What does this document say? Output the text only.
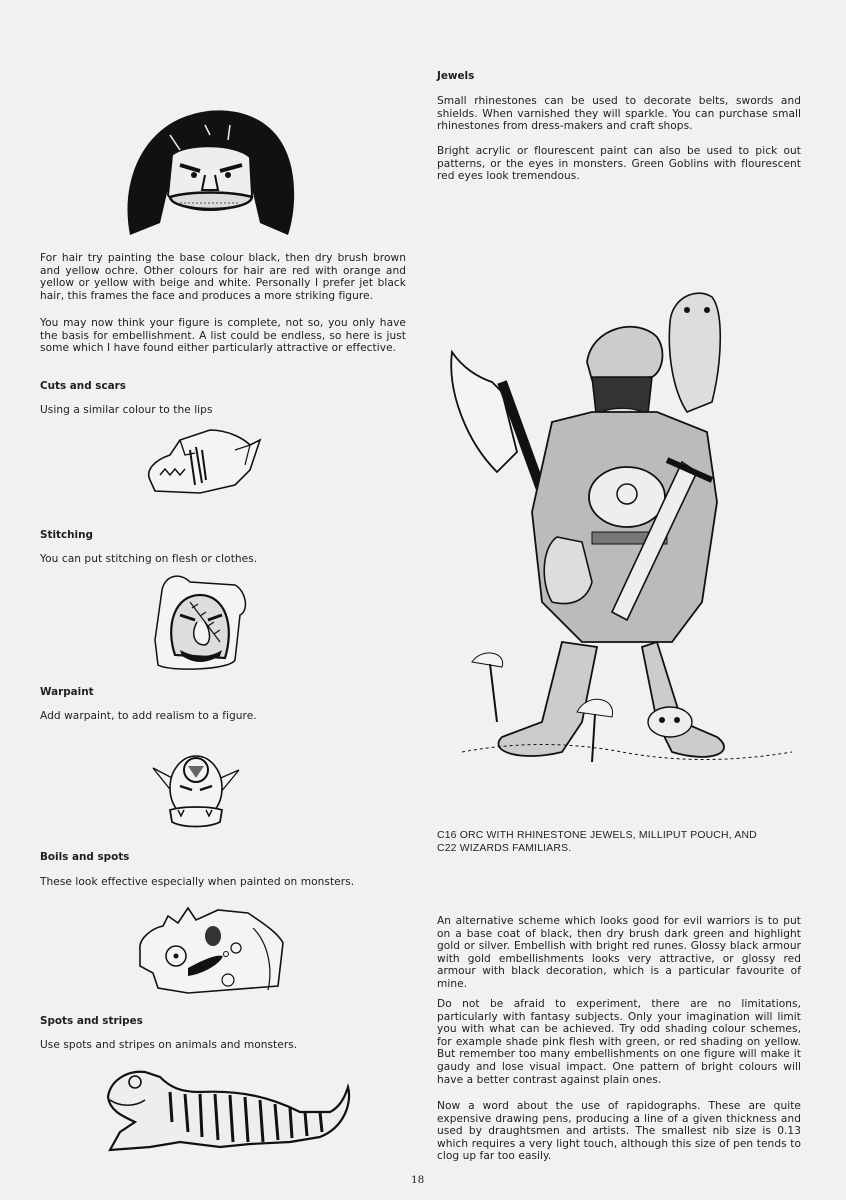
For hair try painting the base colour black, then dry brush brown and yellow ochre. Other colours for hair are red with orange and yellow or yellow with beige and white. Personally I prefer jet black hair, this frames the face and produces a more striking figure.

You may now think your figure is complete, not so, you only have the basis for embellishment. A list could be endless, so here is just some which I have found either particularly attractive or effective.

Cuts and scars

Using a similar colour to the lips

Stitching

You can put stitching on flesh or clothes.

Warpaint

Add warpaint, to add realism to a figure.

Boils and spots

These look effective especially when painted on monsters.

Spots and stripes

Use spots and stripes on animals and monsters.

Jewels

Small rhinestones can be used to decorate belts, swords and shields. When varnished they will sparkle. You can purchase small rhinestones from dress-makers and craft shops.

Bright acrylic or flourescent paint can also be used to pick out patterns, or the eyes in monsters. Green Goblins with flourescent red eyes look tremendous.

C16 ORC WITH RHINESTONE JEWELS, MILLIPUT POUCH, AND
C22 WIZARDS FAMILIARS.

An alternative scheme which looks good for evil warriors is to put on a base coat of black, then dry brush dark green and highlight gold or silver. Embellish with bright red runes. Glossy black armour with gold embellishments looks very attractive, or glossy red armour with black decoration, which is a particular favourite of mine.

Do not be afraid to experiment, there are no limitations, particularly with fantasy subjects. Only your imagination will limit you with what can be achieved. Try odd shading colour schemes, for example shade pink flesh with green, or red shading on yellow. But remember too many embellishments on one figure will make it gaudy and lose visual impact. One pattern of bright colours will have a better contrast against plain ones.

Now a word about the use of rapidographs. These are quite expensive drawing pens, producing a line of a given thickness and used by draughtsmen and artists. The smallest nib size is 0.13 which requires a very light touch, although this size of pen tends to clog up far too easily.

18
